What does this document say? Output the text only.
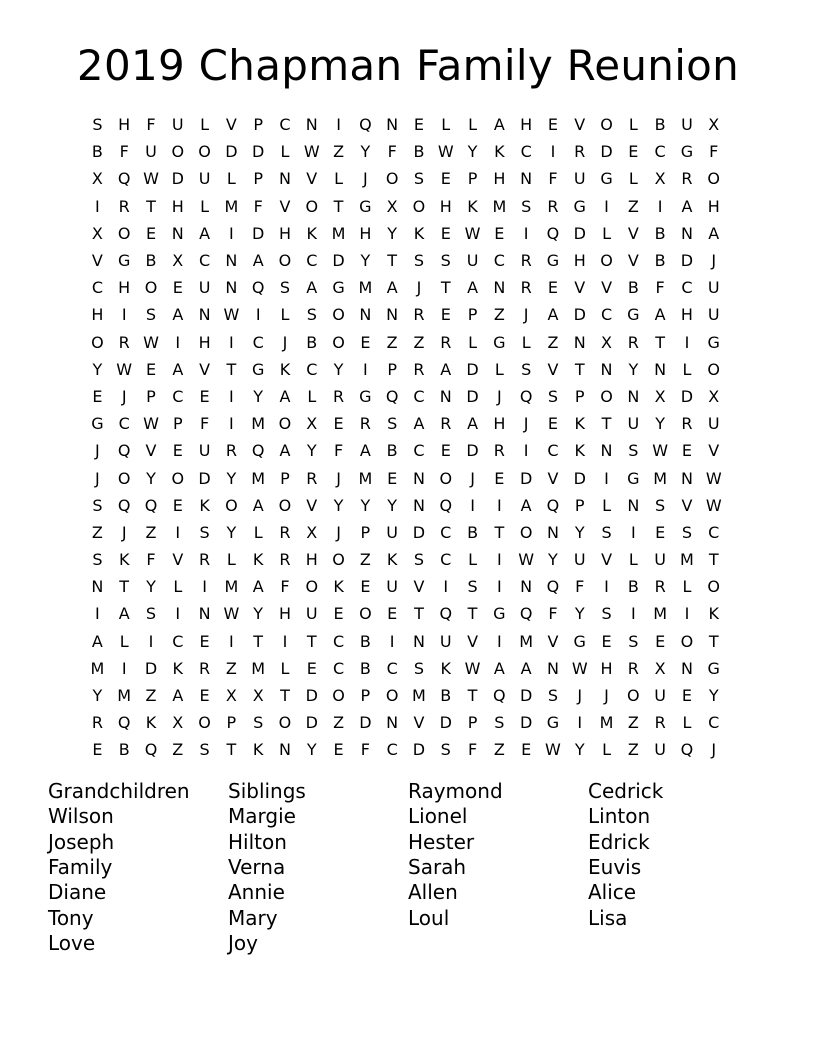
2019 Chapman Family Reunion
S H	F	U	L	V	P	C N	I	Q N E	L	L	A H E	V O	L	B U X
B	F	U O O D D	L W Z	Y	F	B W Y	K C	I	R D E	C G	F
X Q W D U	L	P N V	L	J	O S	E	P H N	F	U G	L	X R O
I	R	T H	L M F	V O T G X O H K M S	R G	I	Z	I	A H
X O E N A	I	D H K M H Y	K	E W E	I	Q D	L	V B N A
V G B X C N A O C D Y	T	S	S U C R G H O V B D	J
C H O E U N Q S	A G M A	J	T	A N R	E	V V B	F	C U
H	I	S	A N W	I	L	S O N N R	E	P	Z	J	A D C G A H U
O R W	I	H	I	C	J	B O E	Z Z R	L	G	L	Z N X R	T	I	G
Y W E	A V	T G K C	Y	I	P	R A D	L	S	V	T N Y N	L	O
E	J	P	C	E	I	Y	A	L	R G Q C N D	J	Q S	P O N X D X
G C W P	F	I	M O X	E	R	S	A R A H	J	E	K	T	U	Y	R U
J	Q V	E U R Q A	Y	F	A B C	E D R	I	C K N S W E	V
J	O Y O D Y M P	R	J	M E N O	J	E D V D	I	G M N W
S Q Q E	K O A O V	Y	Y	Y N Q	I	I	A Q P	L	N S	V W
Z	J	Z	I	S	Y	L	R X	J	P	U D C B	T O N Y	S	I	E	S	C
S	K	F	V R	L	K R H O Z	K	S	C	L	I	W Y	U V	L	U M T
N T	Y	L	I	M A	F O K	E U V	I	S	I	N Q F	I	B R	L	O
I	A	S	I	N W Y H U E O E	T Q T G Q F	Y	S	I	M	I	K
A	L	I	C	E	I	T	I	T	C B	I	N U V	I	M V G E	S	E O T
M	I	D K R Z M L	E	C B C	S	K W A A N W H R X N G
Y M Z A	E	X X	T D O P O M B	T Q D S	J	J	O U E	Y
R Q K	X O P	S O D Z D N V D P	S D G	I	M Z R	L	C
E	B Q Z	S	T	K N Y	E	F	C D S	F	Z	E W Y	L	Z U Q	J
Grandchildren
Wilson
Joseph
Family
Diane
Tony
Love
Siblings
Margie
Hilton
Verna
Annie
Mary
Joy
Raymond
Lionel
Hester
Sarah
Allen
Loul
Cedrick
Linton
Edrick
Euvis
Alice
Lisa
